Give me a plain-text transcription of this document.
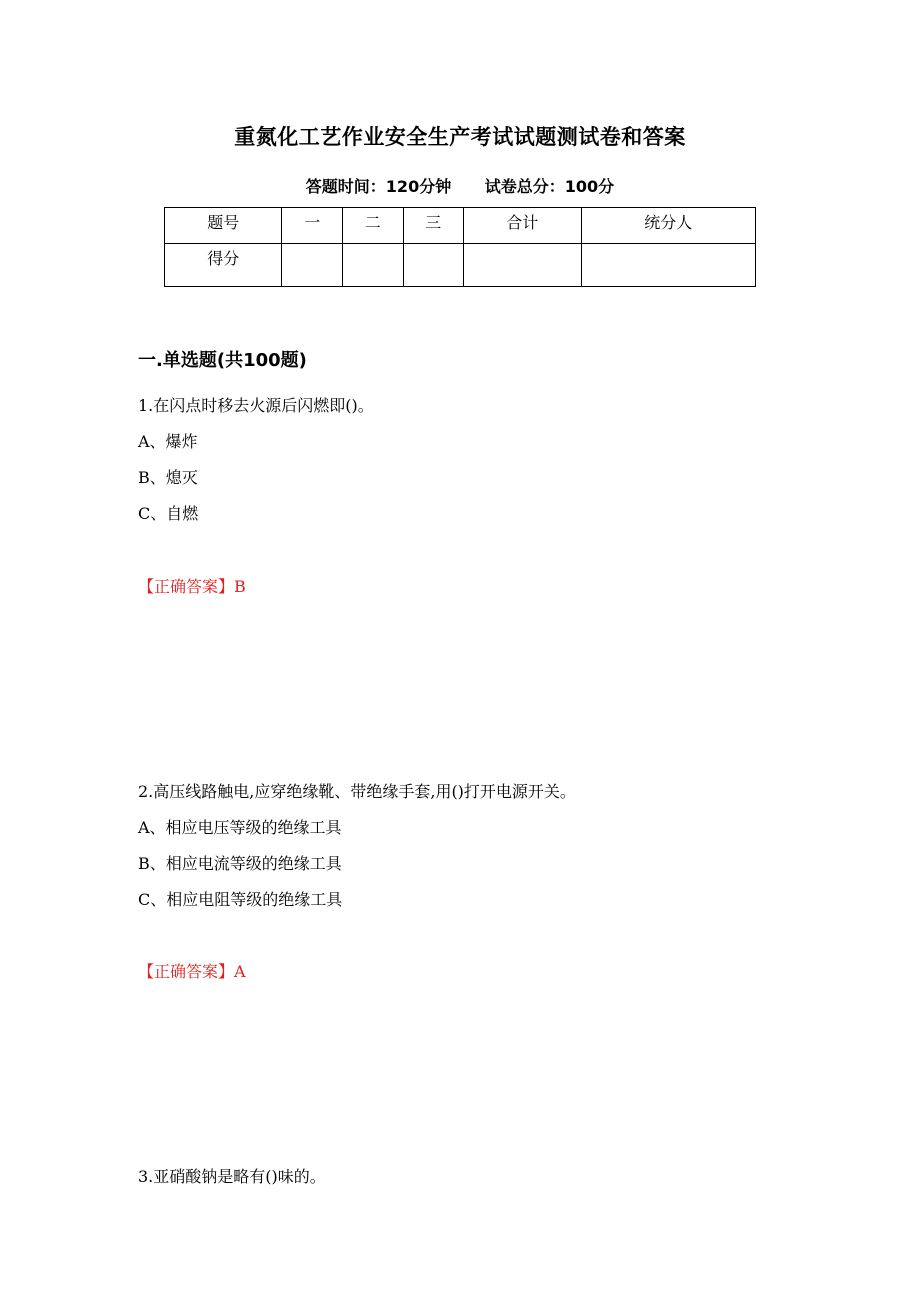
重氮化工艺作业安全生产考试试题测试卷和答案
答题时间：120分钟 试卷总分：100分
题号	一	二	三	合计	统分人
得分					
一.单选题(共100题)
1.在闪点时移去火源后闪燃即()。
A、爆炸
B、熄灭
C、自燃
【正确答案】B
2.高压线路触电,应穿绝缘靴、带绝缘手套,用()打开电源开关。
A、相应电压等级的绝缘工具
B、相应电流等级的绝缘工具
C、相应电阻等级的绝缘工具
【正确答案】A
3.亚硝酸钠是略有()味的。
